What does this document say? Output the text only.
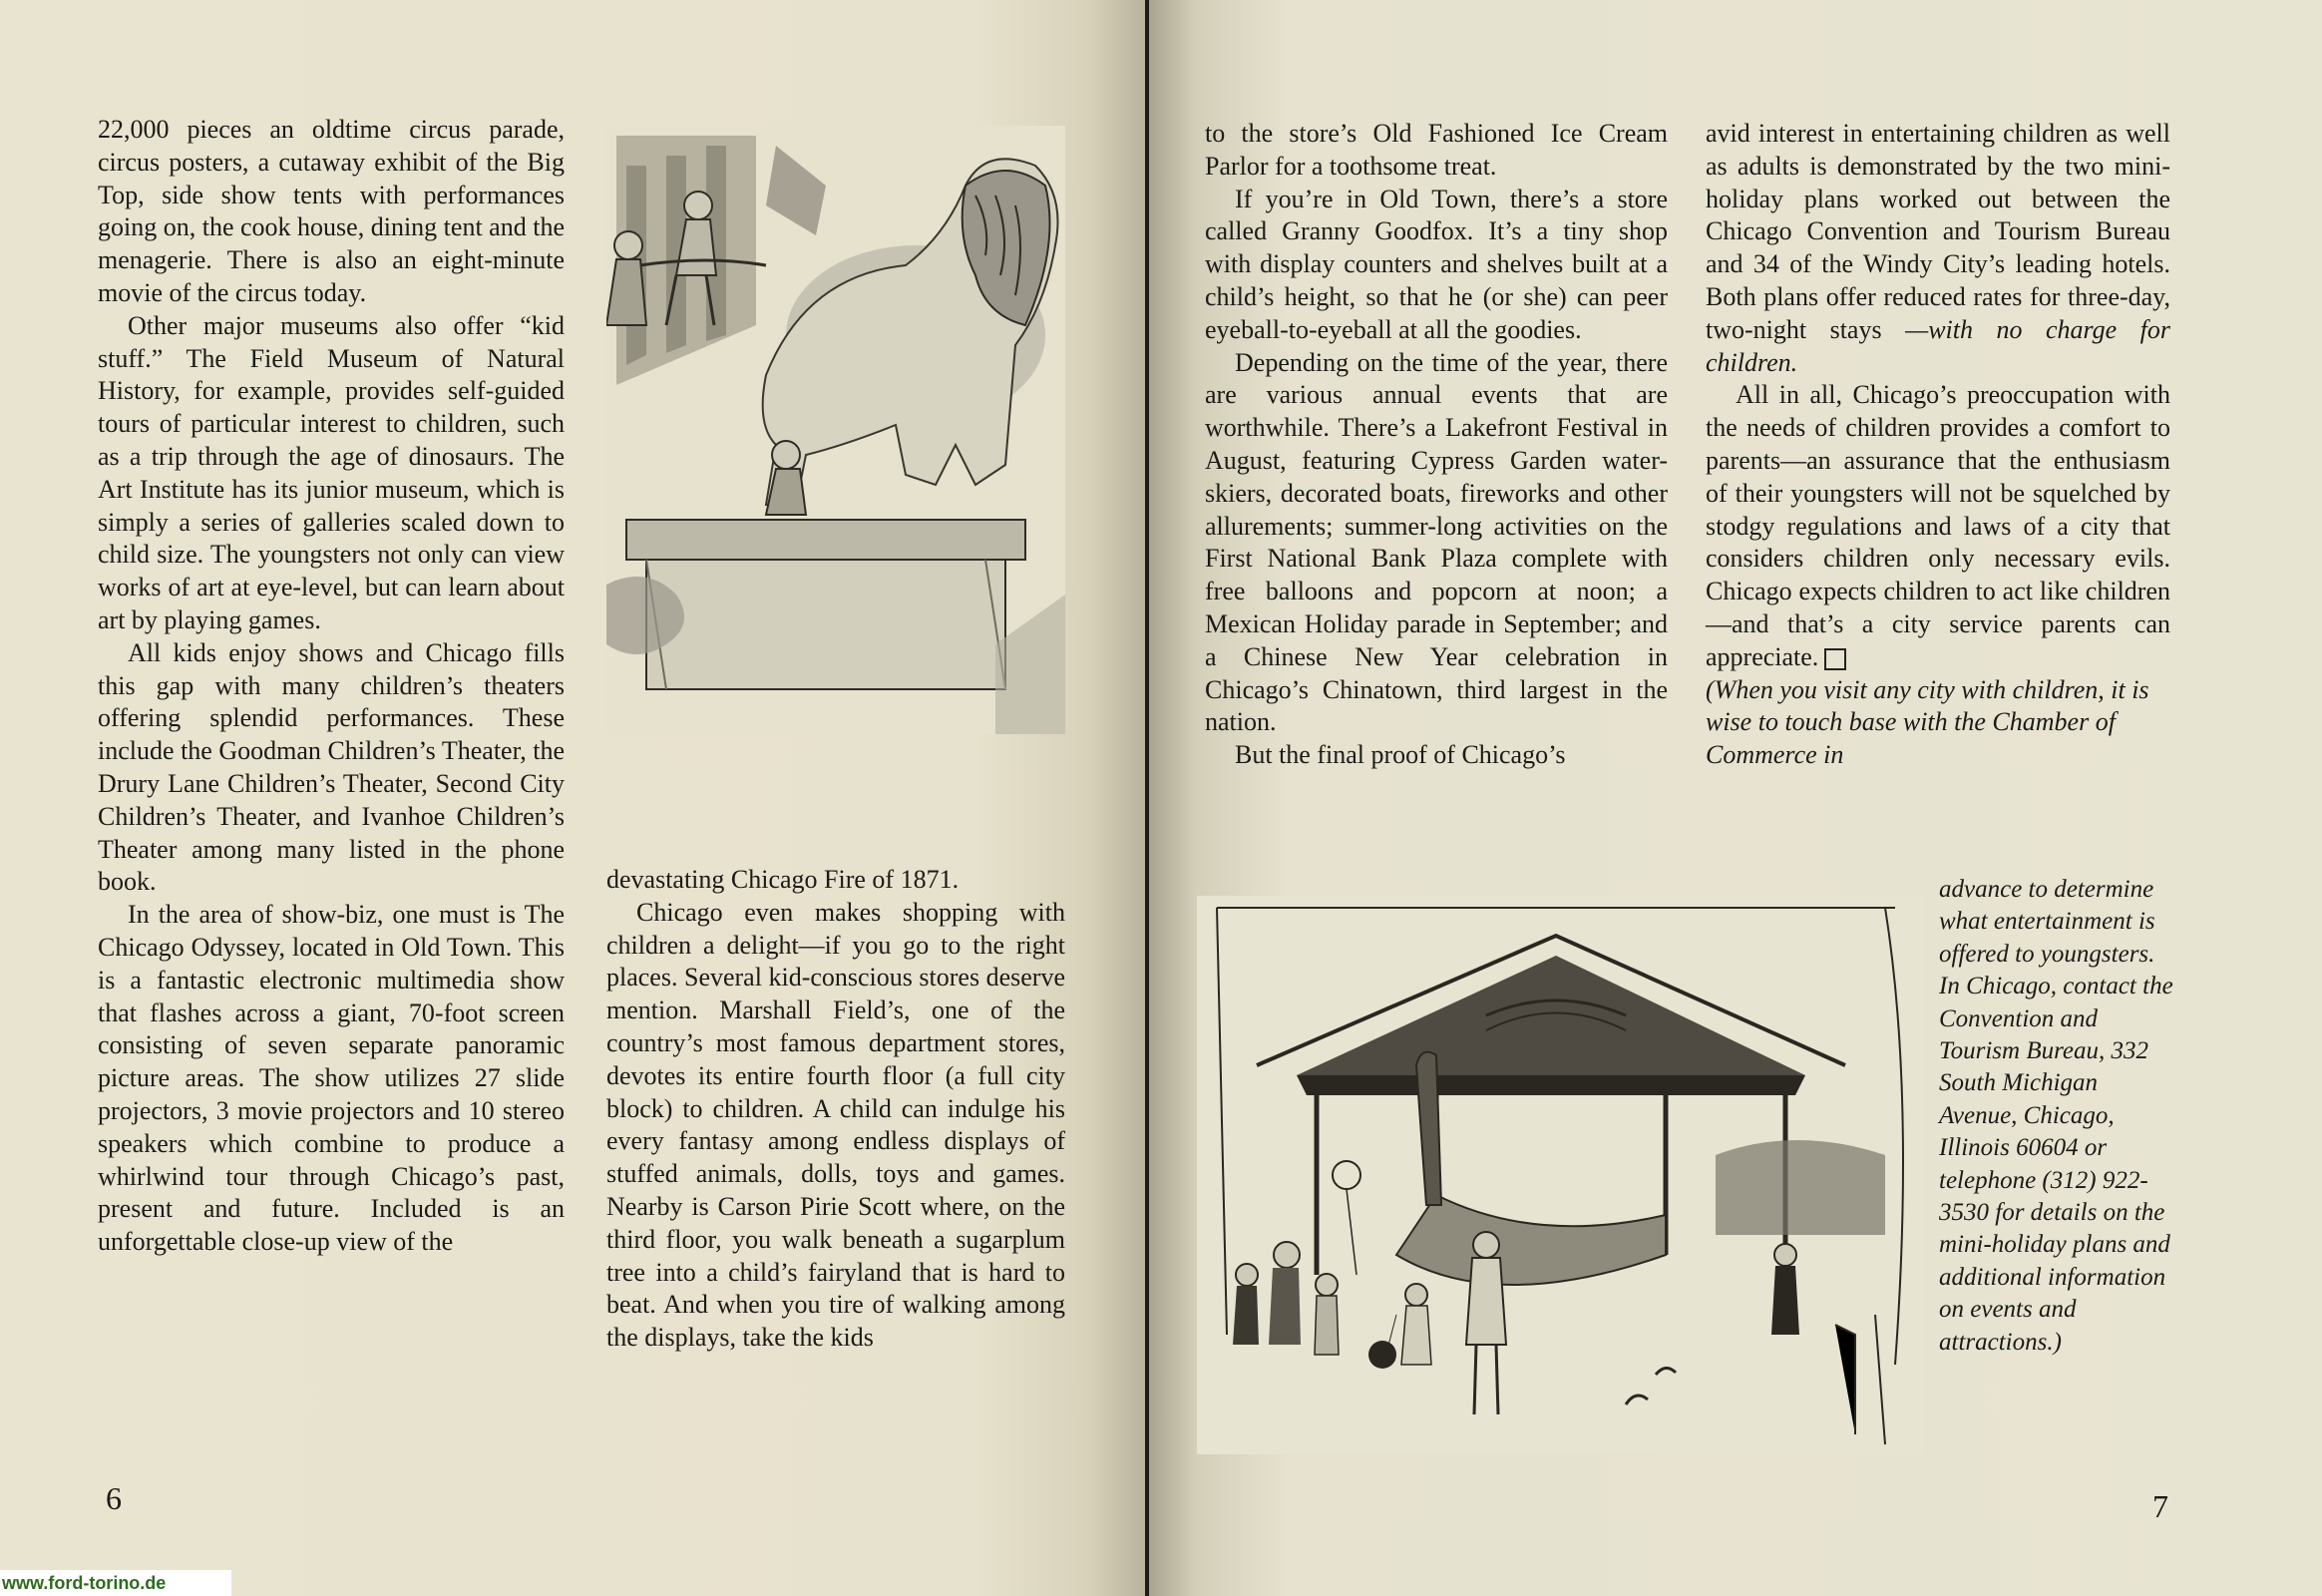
22,000 pieces an oldtime circus parade, circus posters, a cutaway exhibit of the Big Top, side show tents with performances going on, the cook house, dining tent and the menagerie. There is also an eight-minute movie of the circus today.

Other major museums also offer “kid stuff.” The Field Museum of Natural History, for example, provides self-guided tours of particular interest to children, such as a trip through the age of dinosaurs. The Art Institute has its junior museum, which is simply a series of galleries scaled down to child size. The youngsters not only can view works of art at eye-level, but can learn about art by playing games.

All kids enjoy shows and Chicago fills this gap with many children’s theaters offering splendid performances. These include the Goodman Children’s Theater, the Drury Lane Children’s Theater, Second City Children’s Theater, and Ivanhoe Children’s Theater among many listed in the phone book.

In the area of show-biz, one must is The Chicago Odyssey, located in Old Town. This is a fantastic electronic multimedia show that flashes across a giant, 70-foot screen consisting of seven separate panoramic picture areas. The show utilizes 27 slide projectors, 3 movie projectors and 10 stereo speakers which combine to produce a whirlwind tour through Chicago’s past, present and future. Included is an unforgettable close-up view of the

devastating Chicago Fire of 1871.

Chicago even makes shopping with children a delight—if you go to the right places. Several kid-conscious stores deserve mention. Marshall Field’s, one of the country’s most famous department stores, devotes its entire fourth floor (a full city block) to children. A child can indulge his every fantasy among endless displays of stuffed animals, dolls, toys and games. Nearby is Carson Pirie Scott where, on the third floor, you walk beneath a sugarplum tree into a child’s fairyland that is hard to beat. And when you tire of walking among the displays, take the kids

6
www.ford-torino.de

to the store’s Old Fashioned Ice Cream Parlor for a toothsome treat.

If you’re in Old Town, there’s a store called Granny Goodfox. It’s a tiny shop with display counters and shelves built at a child’s height, so that he (or she) can peer eyeball-to-eyeball at all the goodies.

Depending on the time of the year, there are various annual events that are worthwhile. There’s a Lakefront Festival in August, featuring Cypress Garden water-skiers, decorated boats, fireworks and other allurements; summer-long activities on the First National Bank Plaza complete with free balloons and popcorn at noon; a Mexican Holiday parade in September; and a Chinese New Year celebration in Chicago’s Chinatown, third largest in the nation.

But the final proof of Chicago’s

avid interest in entertaining children as well as adults is demonstrated by the two mini-holiday plans worked out between the Chicago Convention and Tourism Bureau and 34 of the Windy City’s leading hotels. Both plans offer reduced rates for three-day, two-night stays —with no charge for children.

All in all, Chicago’s preoccupation with the needs of children provides a comfort to parents—an assurance that the enthusiasm of their youngsters will not be squelched by stodgy regulations and laws of a city that considers children only necessary evils. Chicago expects children to act like children—and that’s a city service parents can appreciate.

(When you visit any city with children, it is wise to touch base with the Chamber of Commerce in

advance to determine what entertainment is offered to youngsters. In Chicago, contact the Convention and Tourism Bureau, 332 South Michigan Avenue, Chicago, Illinois 60604 or telephone (312) 922-3530 for details on the mini-holiday plans and additional information on events and attractions.)
7
